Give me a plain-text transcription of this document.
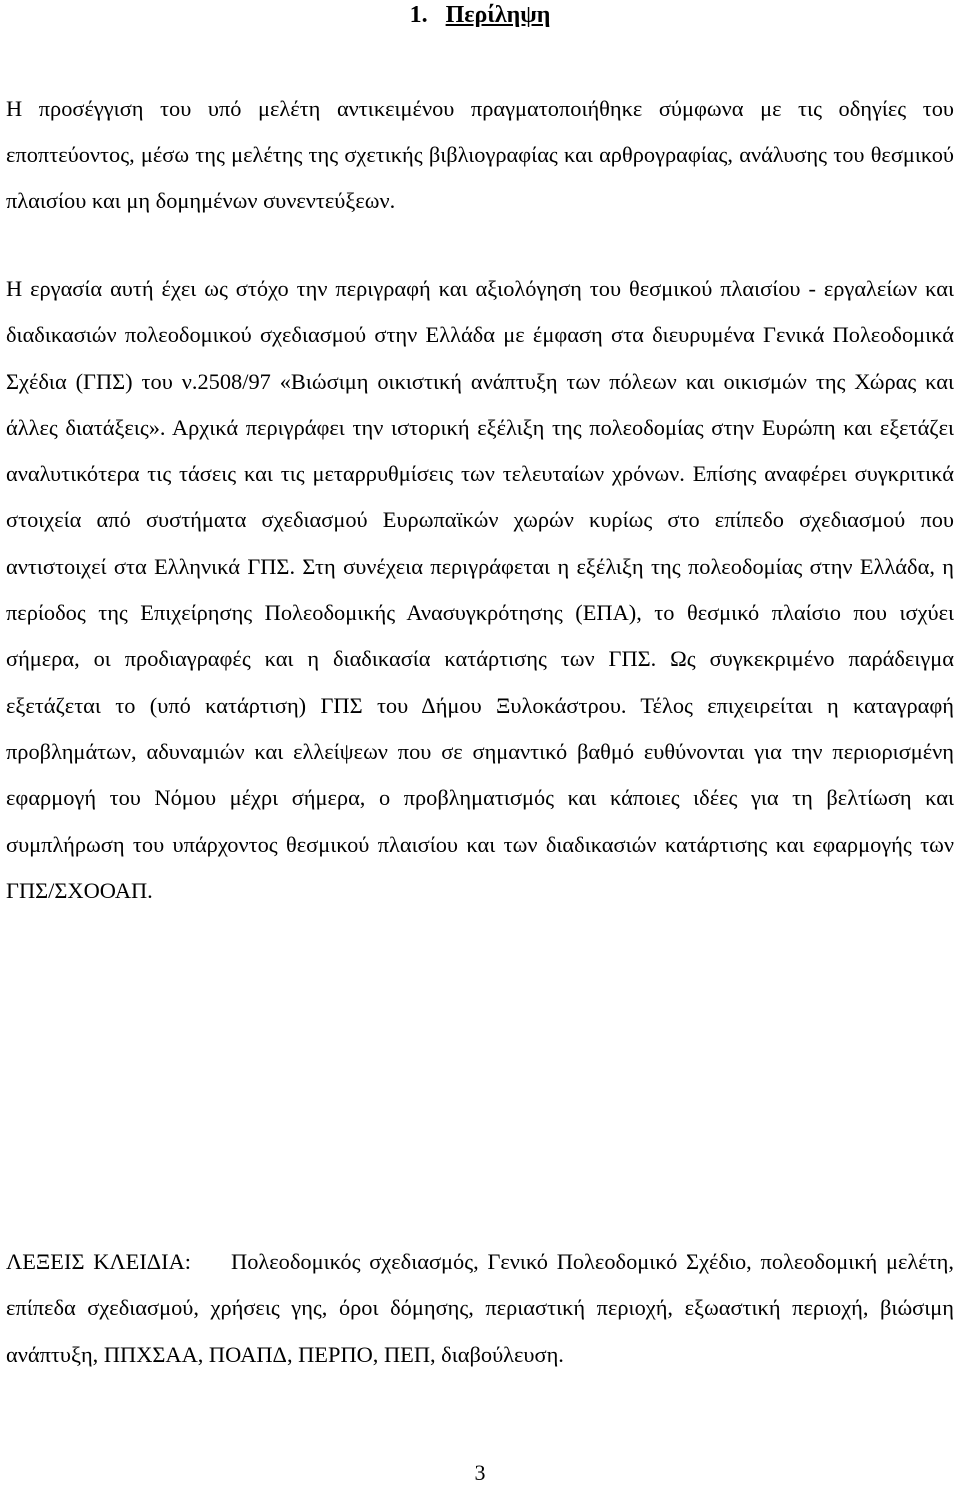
1. Περίληψη

Η προσέγγιση του υπό μελέτη αντικειμένου πραγματοποιήθηκε σύμφωνα με τις οδηγίες του εποπτεύοντος, μέσω της μελέτης της σχετικής βιβλιογραφίας και αρθρογραφίας, ανάλυσης του θεσμικού πλαισίου και μη δομημένων συνεντεύξεων.

Η εργασία αυτή έχει ως στόχο την περιγραφή και αξιολόγηση του θεσμικού πλαισίου - εργαλείων και διαδικασιών πολεοδομικού σχεδιασμού στην Ελλάδα με έμφαση στα διευρυμένα Γενικά Πολεοδομικά Σχέδια (ΓΠΣ) του ν.2508/97 «Βιώσιμη οικιστική ανάπτυξη των πόλεων και οικισμών της Χώρας και άλλες διατάξεις». Αρχικά περιγράφει την ιστορική εξέλιξη της πολεοδομίας στην Ευρώπη και εξετάζει αναλυτικότερα τις τάσεις και τις μεταρρυθμίσεις των τελευταίων χρόνων. Επίσης αναφέρει συγκριτικά στοιχεία από συστήματα σχεδιασμού Ευρωπαϊκών χωρών κυρίως στο επίπεδο σχεδιασμού που αντιστοιχεί στα Ελληνικά ΓΠΣ. Στη συνέχεια περιγράφεται η εξέλιξη της πολεοδομίας στην Ελλάδα, η περίοδος της Επιχείρησης Πολεοδομικής Ανασυγκρότησης (ΕΠΑ), το θεσμικό πλαίσιο που ισχύει σήμερα, οι προδιαγραφές και η διαδικασία κατάρτισης των ΓΠΣ. Ως συγκεκριμένο παράδειγμα εξετάζεται το (υπό κατάρτιση) ΓΠΣ του Δήμου Ξυλοκάστρου. Τέλος επιχειρείται η καταγραφή προβλημάτων, αδυναμιών και ελλείψεων που σε σημαντικό βαθμό ευθύνονται για την περιορισμένη εφαρμογή του Νόμου μέχρι σήμερα, ο προβληματισμός και κάποιες ιδέες για τη βελτίωση και συμπλήρωση του υπάρχοντος θεσμικού πλαισίου και των διαδικασιών κατάρτισης και εφαρμογής των ΓΠΣ/ΣΧΟΟΑΠ.

ΛΕΞΕΙΣ ΚΛΕΙΔΙΑ: Πολεοδομικός σχεδιασμός, Γενικό Πολεοδομικό Σχέδιο, πολεοδομική μελέτη, επίπεδα σχεδιασμού, χρήσεις γης, όροι δόμησης, περιαστική περιοχή, εξωαστική περιοχή, βιώσιμη ανάπτυξη, ΠΠΧΣΑΑ, ΠΟΑΠΔ, ΠΕΡΠΟ, ΠΕΠ, διαβούλευση.

3
